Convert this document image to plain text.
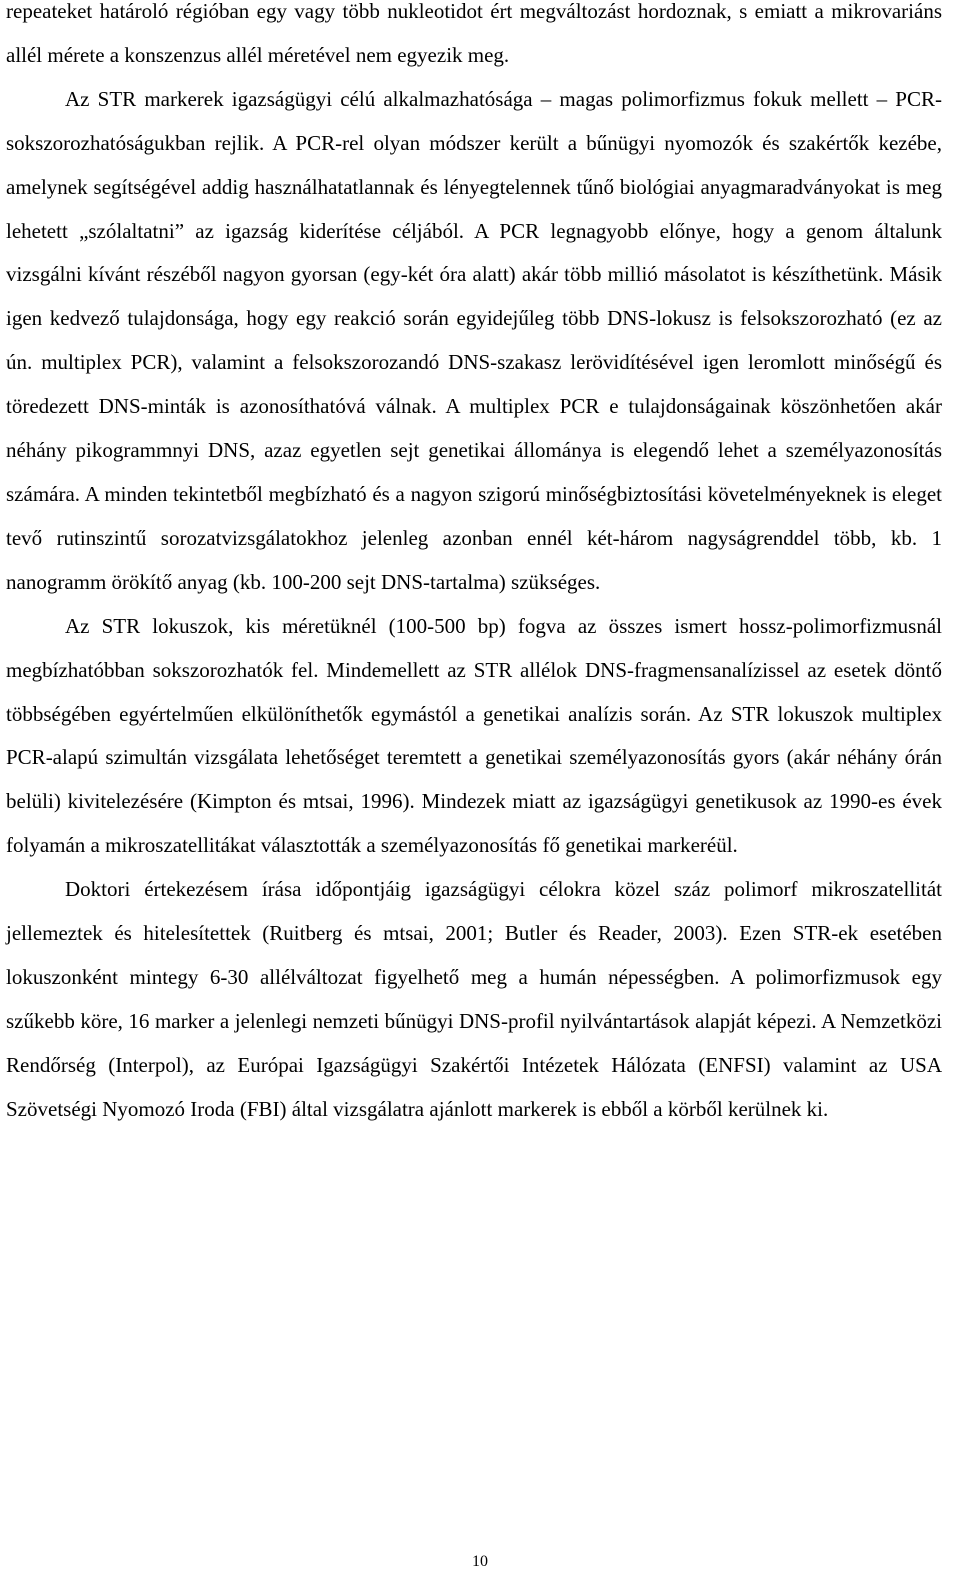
repeateket határoló régióban egy vagy több nukleotidot ért megváltozást hordoznak, s emiatt a mikrovariáns allél mérete a konszenzus allél méretével nem egyezik meg.

Az STR markerek igazságügyi célú alkalmazhatósága – magas polimorfizmus fokuk mellett – PCR-sokszorozhatóságukban rejlik. A PCR-rel olyan módszer került a bűnügyi nyomozók és szakértők kezébe, amelynek segítségével addig használhatatlannak és lényegtelennek tűnő biológiai anyagmaradványokat is meg lehetett „szólaltatni” az igazság kiderítése céljából. A PCR legnagyobb előnye, hogy a genom általunk vizsgálni kívánt részéből nagyon gyorsan (egy-két óra alatt) akár több millió másolatot is készíthetünk. Másik igen kedvező tulajdonsága, hogy egy reakció során egyidejűleg több DNS-lokusz is felsokszorozható (ez az ún. multiplex PCR), valamint a felsokszorozandó DNS-szakasz lerövidítésével igen leromlott minőségű és töredezett DNS-minták is azonosíthatóvá válnak. A multiplex PCR e tulajdonságainak köszönhetően akár néhány pikogrammnyi DNS, azaz egyetlen sejt genetikai állománya is elegendő lehet a személyazonosítás számára. A minden tekintetből megbízható és a nagyon szigorú minőségbiztosítási követelményeknek is eleget tevő rutinszintű sorozatvizsgálatokhoz jelenleg azonban ennél két-három nagyságrenddel több, kb. 1 nanogramm örökítő anyag (kb. 100-200 sejt DNS-tartalma) szükséges.

Az STR lokuszok, kis méretüknél (100-500 bp) fogva az összes ismert hossz-polimorfizmusnál megbízhatóbban sokszorozhatók fel. Mindemellett az STR allélok DNS-fragmensanalízissel az esetek döntő többségében egyértelműen elkülöníthetők egymástól a genetikai analízis során. Az STR lokuszok multiplex PCR-alapú szimultán vizsgálata lehetőséget teremtett a genetikai személyazonosítás gyors (akár néhány órán belüli) kivitelezésére (Kimpton és mtsai, 1996). Mindezek miatt az igazságügyi genetikusok az 1990-es évek folyamán a mikroszatellitákat választották a személyazonosítás fő genetikai markeréül.

Doktori értekezésem írása időpontjáig igazságügyi célokra közel száz polimorf mikroszatellitát jellemeztek és hitelesítettek (Ruitberg és mtsai, 2001; Butler és Reader, 2003). Ezen STR-ek esetében lokuszonként mintegy 6-30 allélváltozat figyelhető meg a humán népességben. A polimorfizmusok egy szűkebb köre, 16 marker a jelenlegi nemzeti bűnügyi DNS-profil nyilvántartások alapját képezi. A Nemzetközi Rendőrség (Interpol), az Európai Igazságügyi Szakértői Intézetek Hálózata (ENFSI) valamint az USA Szövetségi Nyomozó Iroda (FBI) által vizsgálatra ajánlott markerek is ebből a körből kerülnek ki.

10
